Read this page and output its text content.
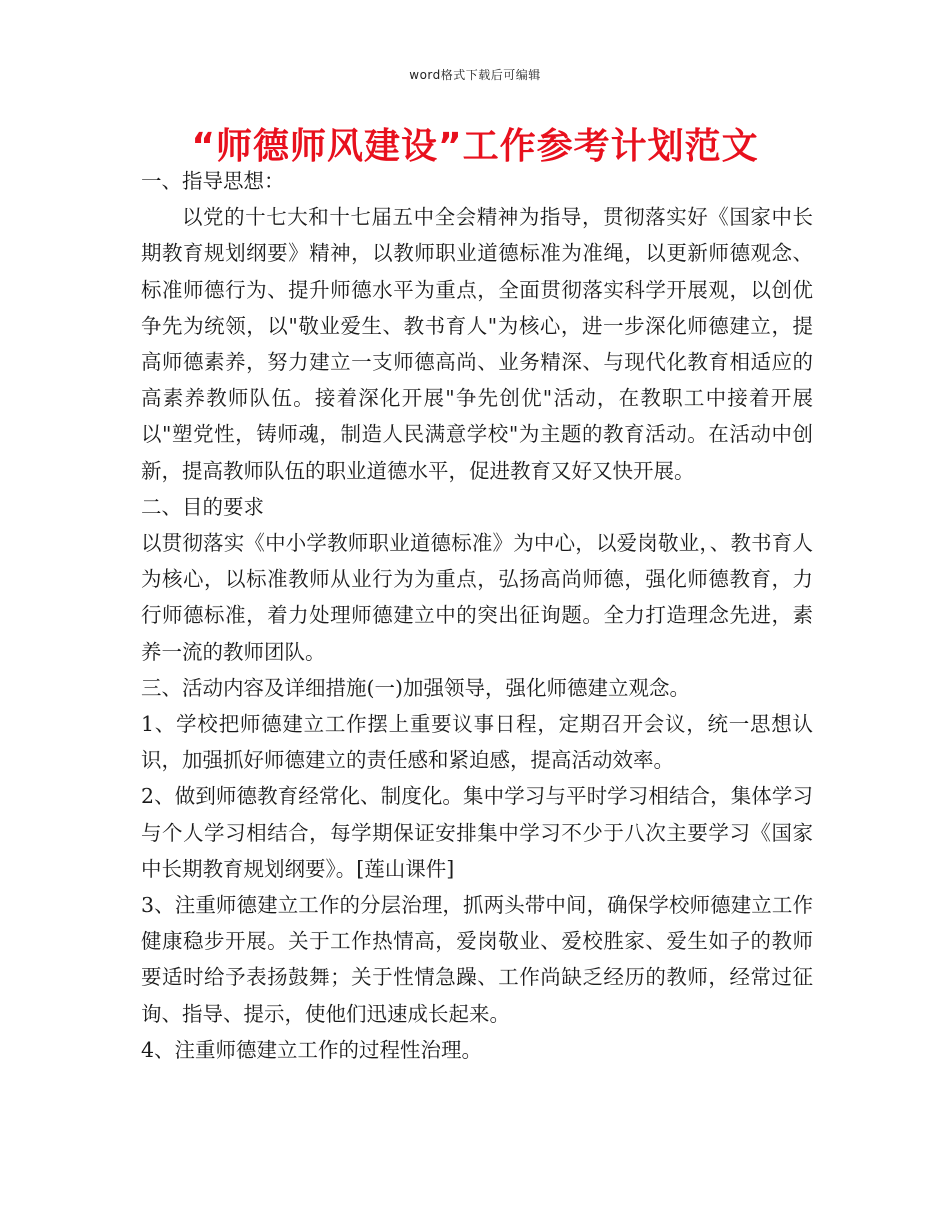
word格式下载后可编辑
“师德师风建设”工作参考计划范文

一、指导思想：

以党的十七大和十七届五中全会精神为指导，贯彻落实好《国家中长期教育规划纲要》精神，以教师职业道德标准为准绳，以更新师德观念、标准师德行为、提升师德水平为重点，全面贯彻落实科学开展观，以创优争先为统领，以"敬业爱生、教书育人"为核心，进一步深化师德建立，提高师德素养，努力建立一支师德高尚、业务精深、与现代化教育相适应的高素养教师队伍。接着深化开展"争先创优"活动，在教职工中接着开展以"塑党性，铸师魂，制造人民满意学校"为主题的教育活动。在活动中创新，提高教师队伍的职业道德水平，促进教育又好又快开展。

二、目的要求

以贯彻落实《中小学教师职业道德标准》为中心，以爱岗敬业，、教书育人为核心，以标准教师从业行为为重点，弘扬高尚师德，强化师德教育，力行师德标准，着力处理师德建立中的突出征询题。全力打造理念先进，素养一流的教师团队。

三、活动内容及详细措施(一)加强领导，强化师德建立观念。

1、学校把师德建立工作摆上重要议事日程，定期召开会议，统一思想认识，加强抓好师德建立的责任感和紧迫感，提高活动效率。

2、做到师德教育经常化、制度化。集中学习与平时学习相结合，集体学习与个人学习相结合，每学期保证安排集中学习不少于八次主要学习《国家中长期教育规划纲要》。[莲山课件]

3、注重师德建立工作的分层治理，抓两头带中间，确保学校师德建立工作健康稳步开展。关于工作热情高，爱岗敬业、爱校胜家、爱生如子的教师要适时给予表扬鼓舞；关于性情急躁、工作尚缺乏经历的教师，经常过征询、指导、提示，使他们迅速成长起来。

4、注重师德建立工作的过程性治理。
